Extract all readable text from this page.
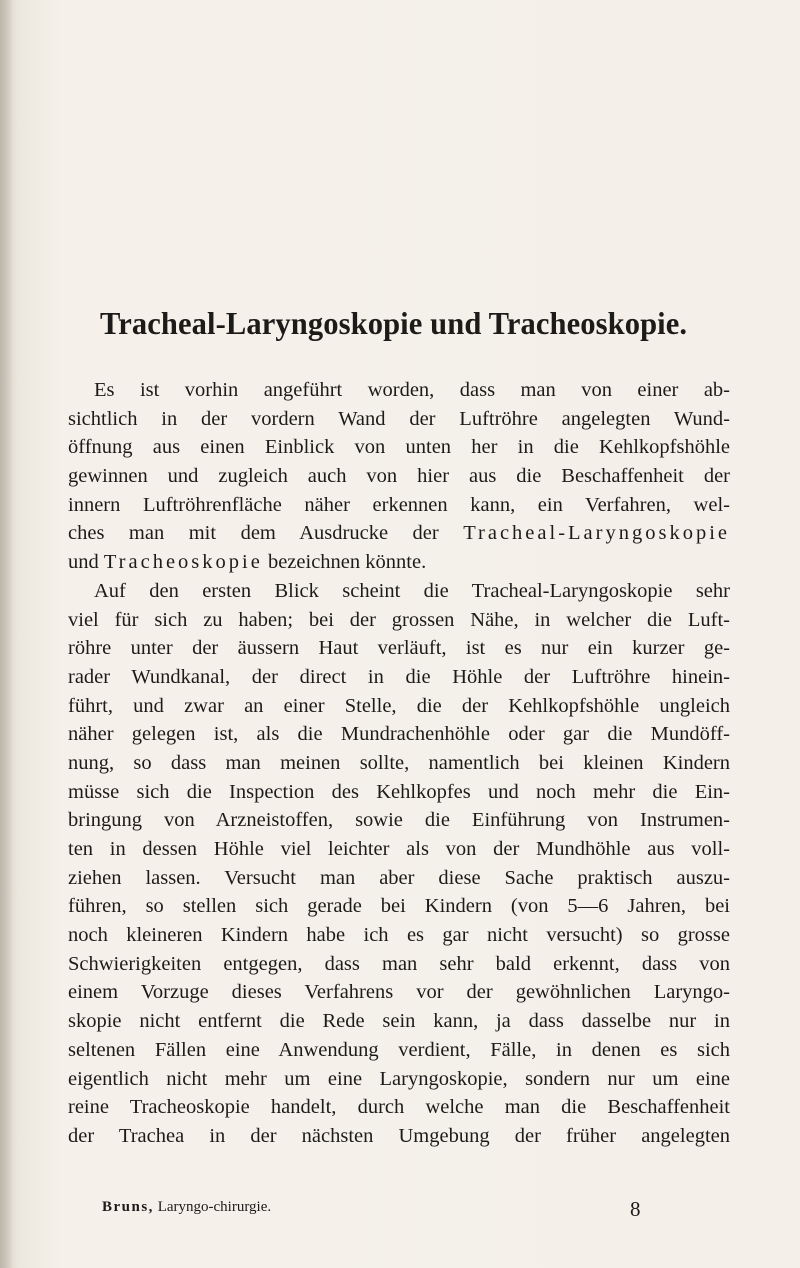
Tracheal-Laryngoskopie und Tracheoskopie.
Es ist vorhin angeführt worden, dass man von einer ab-
sichtlich in der vordern Wand der Luftröhre angelegten Wund-
öffnung aus einen Einblick von unten her in die Kehlkopfshöhle
gewinnen und zugleich auch von hier aus die Beschaffenheit der
innern Luftröhrenfläche näher erkennen kann, ein Verfahren, wel-
ches man mit dem Ausdrucke der Tracheal-Laryngoskopie
und Tracheoskopie bezeichnen könnte.
Auf den ersten Blick scheint die Tracheal-Laryngoskopie sehr
viel für sich zu haben; bei der grossen Nähe, in welcher die Luft-
röhre unter der äussern Haut verläuft, ist es nur ein kurzer ge-
rader Wundkanal, der direct in die Höhle der Luftröhre hinein-
führt, und zwar an einer Stelle, die der Kehlkopfshöhle ungleich
näher gelegen ist, als die Mundrachenhöhle oder gar die Mundöff-
nung, so dass man meinen sollte, namentlich bei kleinen Kindern
müsse sich die Inspection des Kehlkopfes und noch mehr die Ein-
bringung von Arzneistoffen, sowie die Einführung von Instrumen-
ten in dessen Höhle viel leichter als von der Mundhöhle aus voll-
ziehen lassen. Versucht man aber diese Sache praktisch auszu-
führen, so stellen sich gerade bei Kindern (von 5—6 Jahren, bei
noch kleineren Kindern habe ich es gar nicht versucht) so grosse
Schwierigkeiten entgegen, dass man sehr bald erkennt, dass von
einem Vorzuge dieses Verfahrens vor der gewöhnlichen Laryngo-
skopie nicht entfernt die Rede sein kann, ja dass dasselbe nur in
seltenen Fällen eine Anwendung verdient, Fälle, in denen es sich
eigentlich nicht mehr um eine Laryngoskopie, sondern nur um eine
reine Tracheoskopie handelt, durch welche man die Beschaffenheit
der Trachea in der nächsten Umgebung der früher angelegten
Bruns, Laryngo-chirurgie.	8
